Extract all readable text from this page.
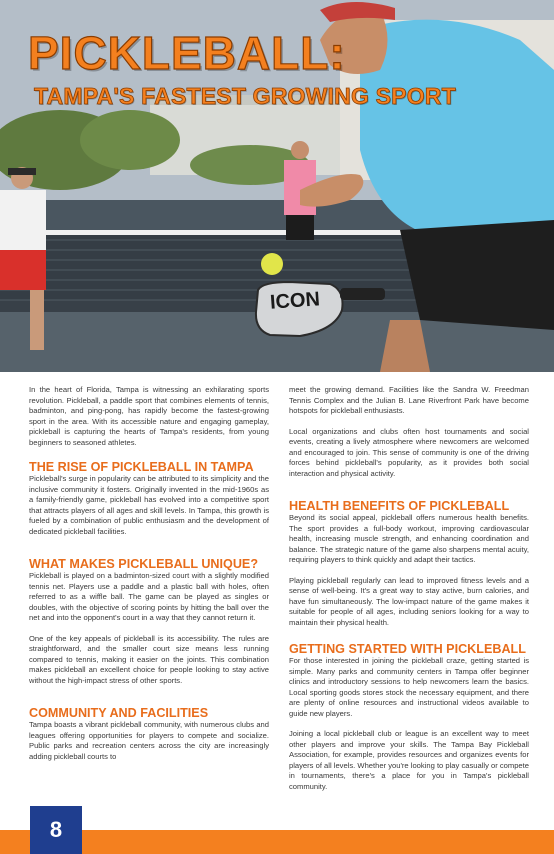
ICON
PICKLEBALL:
TAMPA'S FASTEST GROWING SPORT

In the heart of Florida, Tampa is witnessing an exhilarating sports revolution. Pickleball, a paddle sport that combines elements of tennis, badminton, and ping-pong, has rapidly become the fastest-growing sport in the area. With its accessible nature and engaging gameplay, pickleball is capturing the hearts of Tampa's residents, from young beginners to seasoned athletes.

THE RISE OF PICKLEBALL IN TAMPA

Pickleball's surge in popularity can be attributed to its simplicity and the inclusive community it fosters. Originally invented in the mid-1960s as a family-friendly game, pickleball has evolved into a competitive sport that attracts players of all ages and skill levels. In Tampa, this growth is fueled by a combination of public enthusiasm and the development of dedicated pickleball facilities.

WHAT MAKES PICKLEBALL UNIQUE?

Pickleball is played on a badminton-sized court with a slightly modified tennis net. Players use a paddle and a plastic ball with holes, often referred to as a wiffle ball. The game can be played as singles or doubles, with the objective of scoring points by hitting the ball over the net and into the opponent's court in a way that they cannot return it.

One of the key appeals of pickleball is its accessibility. The rules are straightforward, and the smaller court size means less running compared to tennis, making it easier on the joints. This combination makes pickleball an excellent choice for people looking to stay active without the high-impact stress of other sports.

COMMUNITY AND FACILITIES

Tampa boasts a vibrant pickleball community, with numerous clubs and leagues offering opportunities for players to compete and socialize. Public parks and recreation centers across the city are increasingly adding pickleball courts to

meet the growing demand. Facilities like the Sandra W. Freedman Tennis Complex and the Julian B. Lane Riverfront Park have become hotspots for pickleball enthusiasts.

Local organizations and clubs often host tournaments and social events, creating a lively atmosphere where newcomers are welcomed and encouraged to join. This sense of community is one of the driving forces behind pickleball's popularity, as it provides both social interaction and physical activity.

HEALTH BENEFITS OF PICKLEBALL

Beyond its social appeal, pickleball offers numerous health benefits. The sport provides a full-body workout, improving cardiovascular health, increasing muscle strength, and enhancing coordination and balance. The strategic nature of the game also sharpens mental acuity, requiring players to think quickly and adapt their tactics.

Playing pickleball regularly can lead to improved fitness levels and a sense of well-being. It's a great way to stay active, burn calories, and have fun simultaneously. The low-impact nature of the game makes it suitable for people of all ages, including seniors looking for a way to maintain their physical health.

GETTING STARTED WITH PICKLEBALL

For those interested in joining the pickleball craze, getting started is simple. Many parks and community centers in Tampa offer beginner clinics and introductory sessions to help newcomers learn the basics. Local sporting goods stores stock the necessary equipment, and there are plenty of online resources and instructional videos available to guide new players.

Joining a local pickleball club or league is an excellent way to meet other players and improve your skills. The Tampa Bay Pickleball Association, for example, provides resources and organizes events for players of all levels. Whether you're looking to play casually or compete in tournaments, there's a place for you in Tampa's pickleball community.

8
